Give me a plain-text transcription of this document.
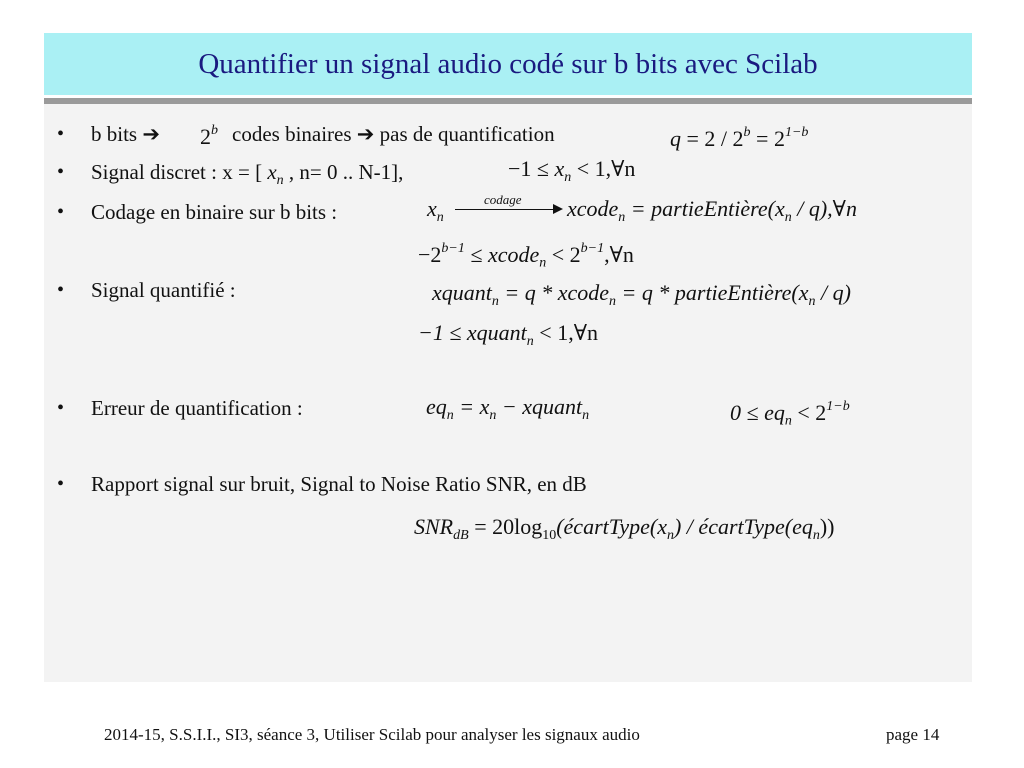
Quantifier un signal audio codé sur b bits avec Scilab
• b bits ➔ 2$^b$ codes binaires ➔ pas de quantification	$q = 2 / 2^b = 2^{1-b}$
• Signal discret : x = [ $x_n$ , n= 0 .. N-1],	$-1 \le x_n$ < 1,∀n
• Codage en binaire sur b bits :	$x_n$
codage xcode$_n$ = $partieEntière(x_n$ / q),∀n
$-2^{b-1}$ ≤ xcode$_n$ < $2^{b-1},\forall n$
• Signal quantifié :	xquant$_n$ = q * xcode$_n$ = q * $partieEntière(x_n / q)$
−1 ≤ xquant$_n$ < 1,∀n
• Erreur de quantification :	$eq_n = x_n$ − xquant$_n$	$0 \le eq_n < 2^{1-b}$
• Rapport signal sur bruit, Signal to Noise Ratio SNR, en dB
$SNR_{dB}$ = $20\log_{10}(écartType(x_n)$ / $écartType(eq_n)$)
2014-15, S.S.I.I., SI3, séance 3, Utiliser Scilab pour analyser les signaux audio	page 14
